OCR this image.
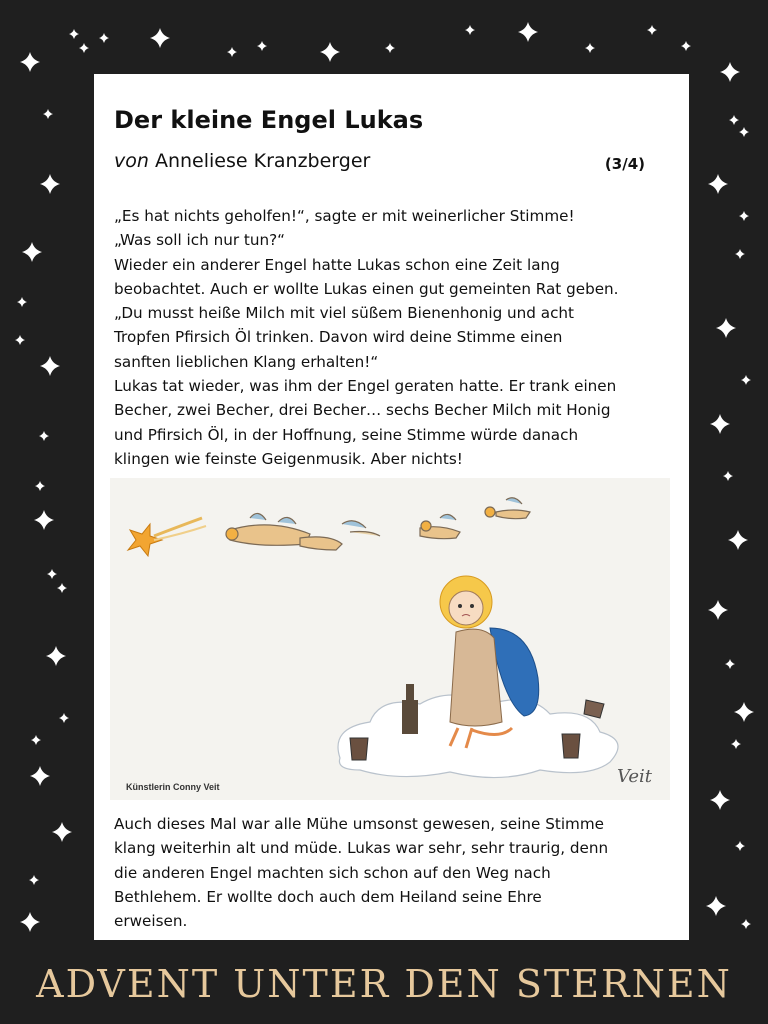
Der kleine Engel Lukas
von Anneliese Kranzberger	(3/4)
„Es hat nichts geholfen!“, sagte er mit weinerlicher Stimme!
„Was soll ich nur tun?“
Wieder ein anderer Engel hatte Lukas schon eine Zeit lang
beobachtet. Auch er wollte Lukas einen gut gemeinten Rat geben.
„Du musst heiße Milch mit viel süßem Bienenhonig und acht
Tropfen Pfirsich Öl trinken. Davon wird deine Stimme einen
sanften lieblichen Klang erhalten!“
Lukas tat wieder, was ihm der Engel geraten hatte. Er trank einen
Becher, zwei Becher, drei Becher… sechs Becher Milch mit Honig
und Pfirsich Öl, in der Hoffnung, seine Stimme würde danach
klingen wie feinste Geigenmusik. Aber nichts!
Künstlerin Conny Veit	Veit
Auch dieses Mal war alle Mühe umsonst gewesen, seine Stimme
klang weiterhin alt und müde. Lukas war sehr, sehr traurig, denn
die anderen Engel machten sich schon auf den Weg nach
Bethlehem. Er wollte doch auch dem Heiland seine Ehre
erweisen.
ADVENT UNTER DEN STERNEN
